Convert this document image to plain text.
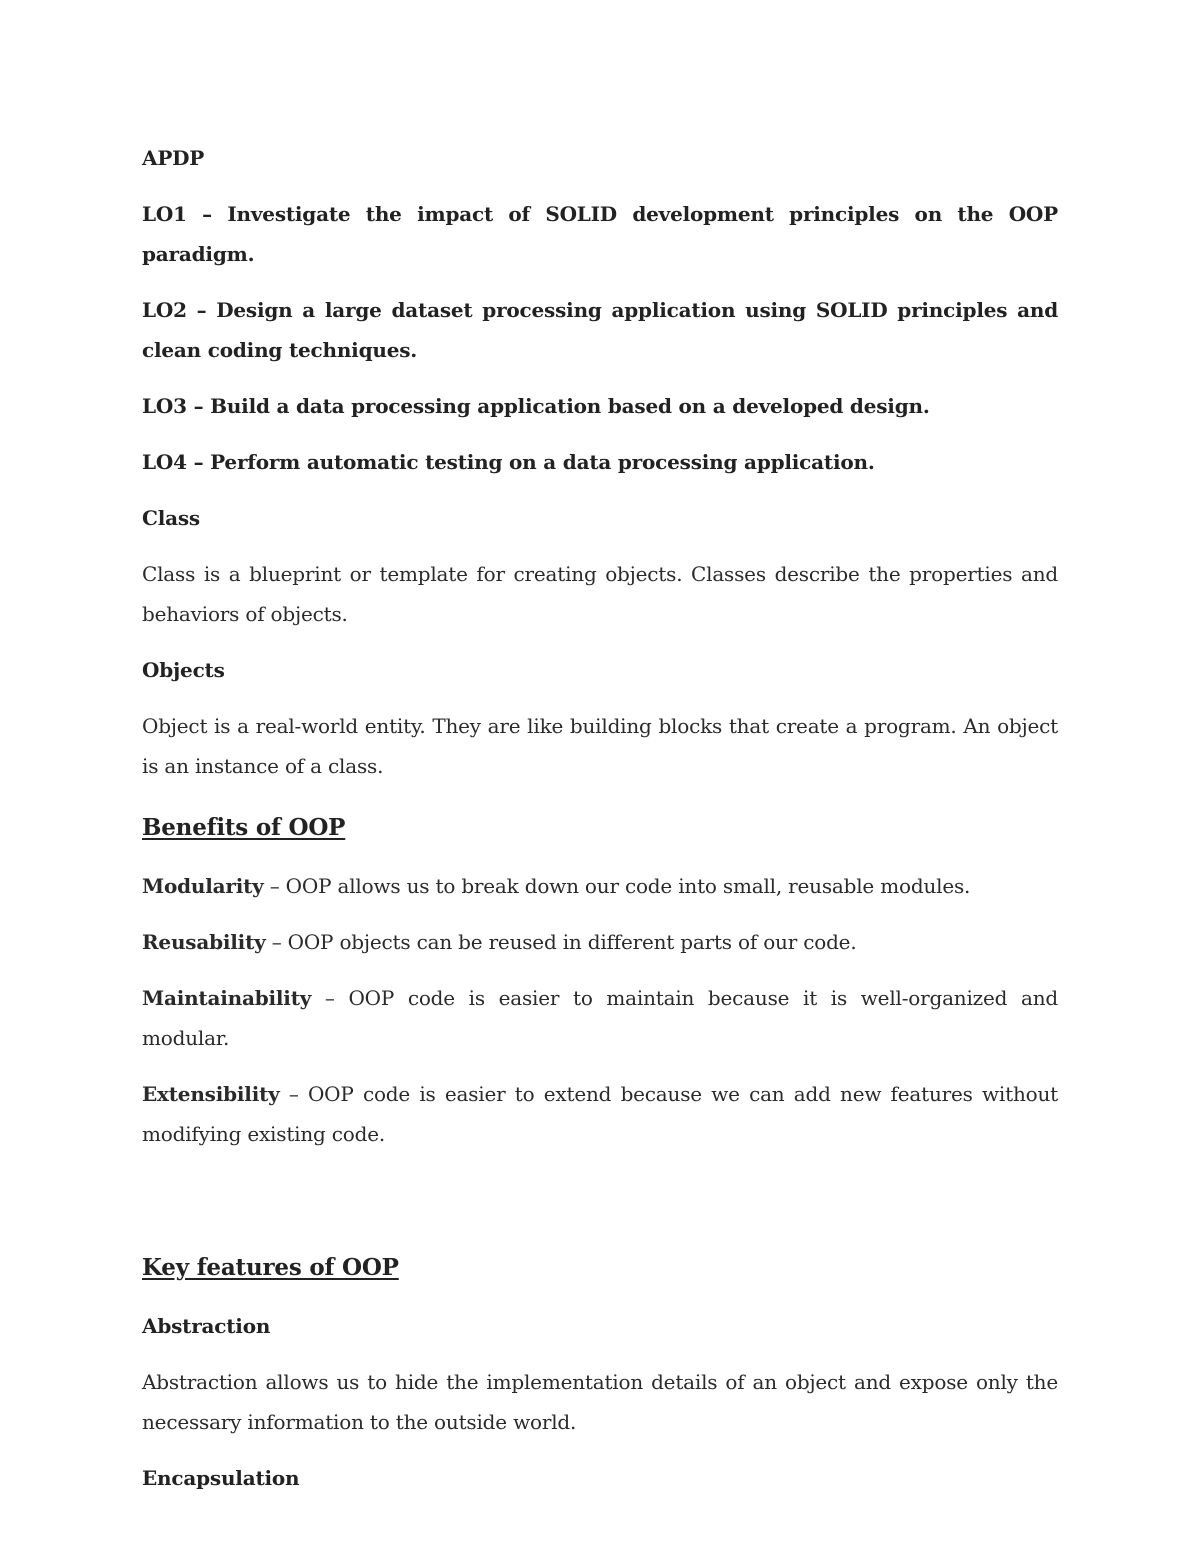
APDP

LO1 – Investigate the impact of SOLID development principles on the OOP paradigm.

LO2 – Design a large dataset processing application using SOLID principles and clean coding techniques.

LO3 – Build a data processing application based on a developed design.

LO4 – Perform automatic testing on a data processing application.

Class

Class is a blueprint or template for creating objects. Classes describe the properties and behaviors of objects.

Objects

Object is a real-world entity. They are like building blocks that create a program. An object is an instance of a class.

Benefits of OOP

Modularity – OOP allows us to break down our code into small, reusable modules.

Reusability – OOP objects can be reused in different parts of our code.

Maintainability – OOP code is easier to maintain because it is well-organized and modular.

Extensibility – OOP code is easier to extend because we can add new features without modifying existing code.

Key features of OOP

Abstraction

Abstraction allows us to hide the implementation details of an object and expose only the necessary information to the outside world.

Encapsulation
